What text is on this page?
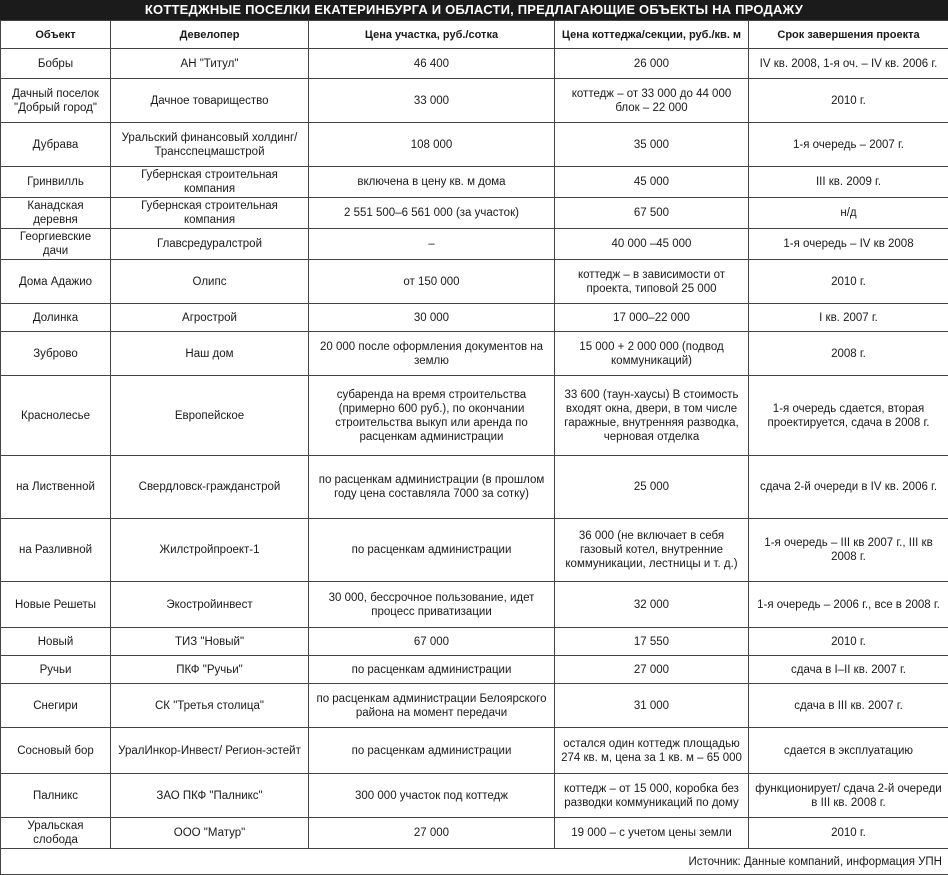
КОТТЕДЖНЫЕ ПОСЕЛКИ ЕКАТЕРИНБУРГА И ОБЛАСТИ, ПРЕДЛАГАЮЩИЕ ОБЪЕКТЫ НА ПРОДАЖУ
Объект	Девелопер	Цена участка, руб./сотка	Цена коттеджа/секции, руб./кв. м	Срок завершения проекта
Бобры	АН "Титул"	46 400	26 000	IV кв. 2008, 1-я оч. – IV кв. 2006 г.
Дачный поселок "Добрый город"	Дачное товарищество	33 000	коттедж – от 33 000 до 44 000 блок – 22 000	2010 г.
Дубрава	Уральский финансовый холдинг/ Трансспецмашстрой	108 000	35 000	1-я очередь – 2007 г.
Гринвилль	Губернская строительная компания	включена в цену кв. м дома	45 000	III кв. 2009 г.
Канадская деревня	Губернская строительная компания	2 551 500–6 561 000 (за участок)	67 500	н/д
Георгиевские дачи	Главсредуралстрой	–	40 000 –45 000	1-я очередь – IV кв 2008
Дома Адажио	Олипс	от 150 000	коттедж – в зависимости от проекта, типовой 25 000	2010 г.
Долинка	Агрострой	30 000	17 000–22 000	I кв. 2007 г.
Зуброво	Наш дом	20 000 после оформления документов на землю	15 000 + 2 000 000 (подвод коммуникаций)	2008 г.
Краснолесье	Европейское	субаренда на время строительства (примерно 600 руб.), по окончании строительства выкуп или аренда по расценкам администрации	33 600 (таун-хаусы) В стоимость входят окна, двери, в том числе гаражные, внутренняя разводка, черновая отделка	1-я очередь сдается, вторая проектируется, сдача в 2008 г.
на Лиственной	Свердловск-гражданстрой	по расценкам администрации (в прошлом году цена составляла 7000 за сотку)	25 000	сдача 2-й очереди в IV кв. 2006 г.
на Разливной	Жилстройпроект-1	по расценкам администрации	36 000 (не включает в себя газовый котел, внутренние коммуникации, лестницы и т. д.)	1-я очередь – III кв 2007 г., III кв 2008 г.
Новые Решеты	Экостройинвест	30 000, бессрочное пользование, идет процесс приватизации	32 000	1-я очередь – 2006 г., все в 2008 г.
Новый	ТИЗ "Новый"	67 000	17 550	2010 г.
Ручьи	ПКФ "Ручьи"	по расценкам администрации	27 000	сдача в I–II кв. 2007 г.
Снегири	СК "Третья столица"	по расценкам администрации Белоярского района на момент передачи	31 000	сдача в III кв. 2007 г.
Сосновый бор	УралИнкор-Инвест/ Регион-эстейт	по расценкам администрации	остался один коттедж площадью 274 кв. м, цена за 1 кв. м – 65 000	сдается в эксплуатацию
Палникс	ЗАО ПКФ "Палникс"	300 000 участок под коттедж	коттедж – от 15 000, коробка без разводки коммуникаций по дому	функционирует/ сдача 2-й очереди в III кв. 2008 г.
Уральская слобода	ООО "Матур"	27 000	19 000 – с учетом цены земли	2010 г.
Источник: Данные компаний, информация УПН				
